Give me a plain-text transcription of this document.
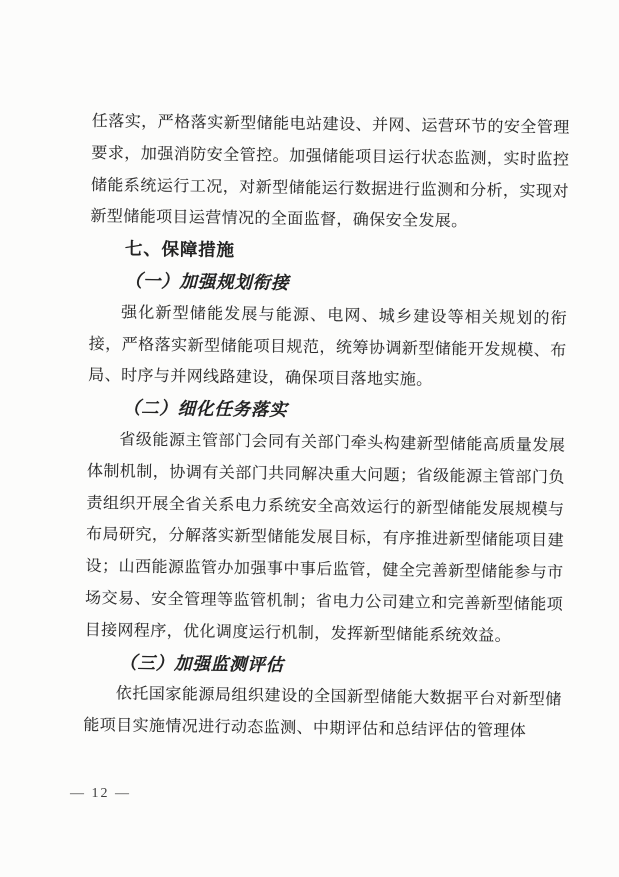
任落实，严格落实新型储能电站建设、并网、运营环节的安全管理要求，加强消防安全管控。加强储能项目运行状态监测，实时监控储能系统运行工况，对新型储能运行数据进行监测和分析，实现对新型储能项目运营情况的全面监督，确保安全发展。

七、保障措施

（一）加强规划衔接

强化新型储能发展与能源、电网、城乡建设等相关规划的衔接，严格落实新型储能项目规范，统筹协调新型储能开发规模、布局、时序与并网线路建设，确保项目落地实施。

（二）细化任务落实

省级能源主管部门会同有关部门牵头构建新型储能高质量发展体制机制，协调有关部门共同解决重大问题；省级能源主管部门负责组织开展全省关系电力系统安全高效运行的新型储能发展规模与布局研究，分解落实新型储能发展目标，有序推进新型储能项目建设；山西能源监管办加强事中事后监管，健全完善新型储能参与市场交易、安全管理等监管机制；省电力公司建立和完善新型储能项目接网程序，优化调度运行机制，发挥新型储能系统效益。

（三）加强监测评估

依托国家能源局组织建设的全国新型储能大数据平台对新型储能项目实施情况进行动态监测、中期评估和总结评估的管理体

— 12 —
